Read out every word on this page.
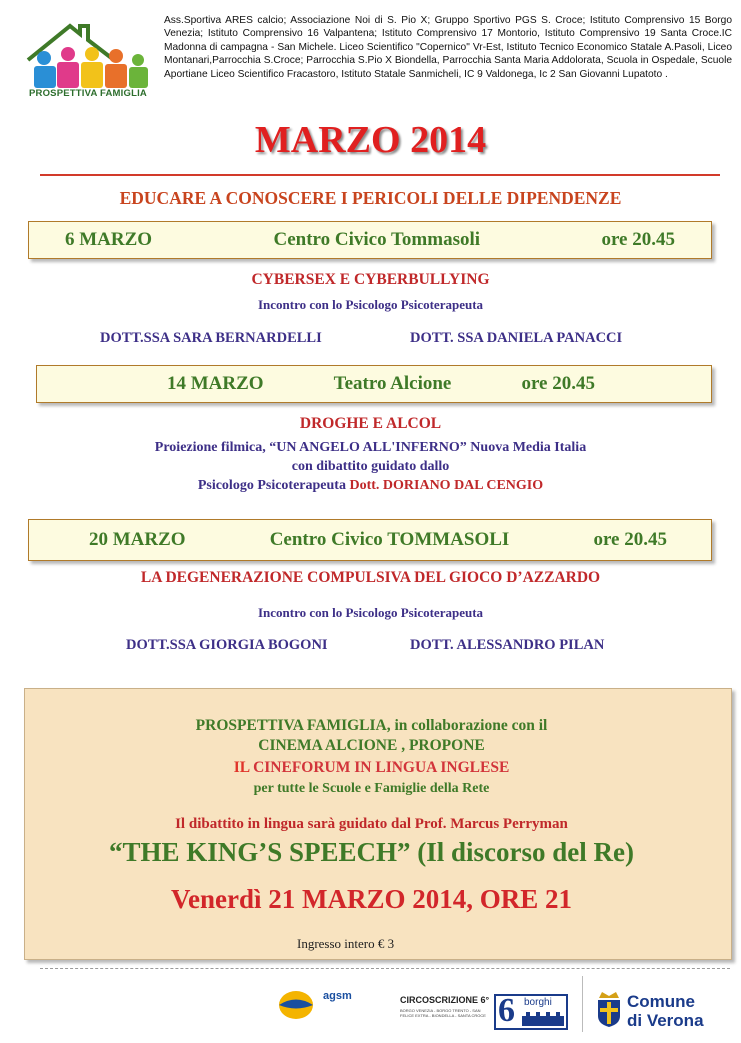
PROSPETTIVA FAMIGLIA
Ass.Sportiva ARES calcio; Associazione Noi di S. Pio X; Gruppo Sportivo PGS S. Croce; Istituto Comprensivo 15 Borgo Venezia; Istituto Comprensivo 16 Valpantena; Istituto Comprensivo 17 Montorio, Istituto Comprensivo 19 Santa Croce.IC Madonna di campagna - San Michele. Liceo Scientifico "Copernico" Vr-Est, Istituto Tecnico Economico Statale A.Pasoli, Liceo Montanari,Parrocchia S.Croce; Parrocchia S.Pio X Biondella, Parrocchia Santa Maria Addolorata, Scuola in Ospedale, Scuole Aportiane Liceo Scientifico Fracastoro, Istituto Statale Sanmicheli, IC 9 Valdonega, Ic 2 San Giovanni Lupatoto .
MARZO 2014
EDUCARE A CONOSCERE I PERICOLI DELLE DIPENDENZE
6 MARZO	Centro Civico Tommasoli	ore 20.45
CYBERSEX E CYBERBULLYING
Incontro con lo Psicologo Psicoterapeuta
DOTT.SSA SARA BERNARDELLI	DOTT. SSA DANIELA PANACCI
14 MARZO	Teatro Alcione	ore 20.45
DROGHE E ALCOL
Proiezione filmica, “UN ANGELO ALL'INFERNO” Nuova Media Italia
con dibattito guidato dallo
Psicologo Psicoterapeuta Dott. DORIANO DAL CENGIO
20 MARZO	Centro Civico TOMMASOLI	ore 20.45
LA DEGENERAZIONE COMPULSIVA DEL GIOCO D’AZZARDO
Incontro con lo Psicologo Psicoterapeuta
DOTT.SSA GIORGIA BOGONI	DOTT. ALESSANDRO PILAN
PROSPETTIVA FAMIGLIA, in collaborazione con il
CINEMA ALCIONE , PROPONE
IL CINEFORUM IN LINGUA INGLESE
per tutte le Scuole e Famiglie della Rete
Il dibattito in lingua sarà guidato dal Prof. Marcus Perryman
“THE KING’S SPEECH” (Il discorso del Re)
Venerdì 21 MARZO 2014, ORE 21
Ingresso intero € 3
agsm	CIRCOSCRIZIONE 6°
BORGO VENEZIA - BORGO TRENTO - SAN FELICE EXTRA - BIONDELLA - SANTA CROCE 6 borghi	Comune
di Verona
